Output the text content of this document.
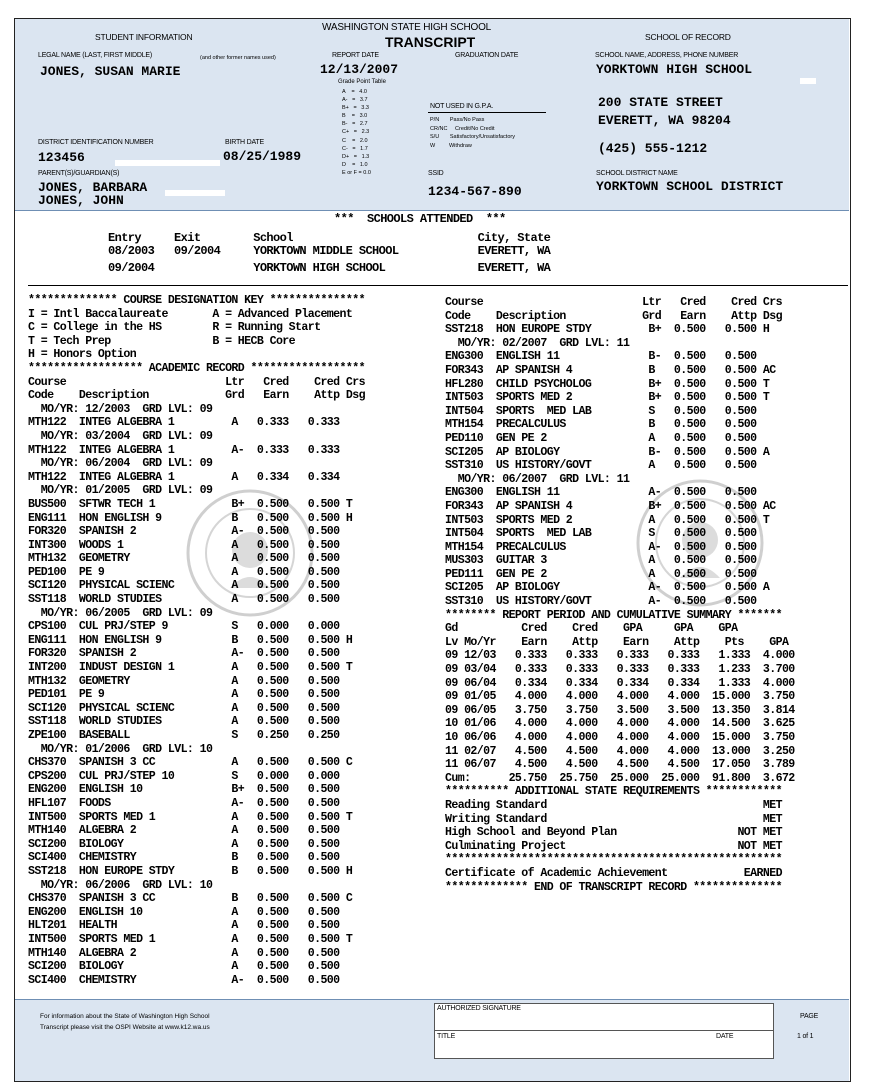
STUDENT INFORMATION
WASHINGTON STATE HIGH SCHOOL
TRANSCRIPT	SCHOOL OF RECORD
LEGAL NAME (LAST, FIRST MIDDLE)	(and other former names used)
JONES, SUSAN MARIE
REPORT DATE
12/13/2007
GRADUATION DATE	SCHOOL NAME, ADDRESS, PHONE NUMBER
YORKTOWN HIGH SCHOOL
200 STATE STREET
EVERETT, WA 98204
(425) 555-1212
Grade Point Table
A    =   4.0
A-   =   3.7
B+   =   3.3
B    =   3.0
B-   =   2.7
C+   =   2.3
C    =   2.0
C-   =   1.7
D+   =   1.3
D    =   1.0
E or F = 0.0
NOT USED IN G.P.A.
P/N       Pass/No Pass
CR/NC     Credit/No Credit
S/U       Satisfactory/Unsatisfactory
W         Withdraw
DISTRICT IDENTIFICATION NUMBER
123456
BIRTH DATE
08/25/1989
PARENT(S)/GUARDIAN(S)
JONES, BARBARA
JONES, JOHN
SSID
1234-567-890
SCHOOL DISTRICT NAME
YORKTOWN SCHOOL DISTRICT
***  SCHOOLS ATTENDED  ***
Entry     Exit        School                            City, State
08/2003   09/2004     YORKTOWN MIDDLE SCHOOL            EVERETT, WA
09/2004               YORKTOWN HIGH SCHOOL              EVERETT, WA
************** COURSE DESIGNATION KEY ***************
I = Intl Baccalaureate       A = Advanced Placement
C = College in the HS        R = Running Start
T = Tech Prep                B = HECB Core
H = Honors Option
****************** ACADEMIC RECORD ******************
Course                         Ltr   Cred    Cred Crs
Code    Description            Grd   Earn    Attp Dsg
MO/YR: 12/2003  GRD LVL: 09
MTH122  INTEG ALGEBRA 1         A   0.333   0.333
MO/YR: 03/2004  GRD LVL: 09
MTH122  INTEG ALGEBRA 1         A-  0.333   0.333
MO/YR: 06/2004  GRD LVL: 09
MTH122  INTEG ALGEBRA 1         A   0.334   0.334
MO/YR: 01/2005  GRD LVL: 09
BUS500  SFTWR TECH 1            B+  0.500   0.500 T
ENG111  HON ENGLISH 9           B   0.500   0.500 H
FOR320  SPANISH 2               A-  0.500   0.500
INT300  WOODS 1                 A   0.500   0.500
MTH132  GEOMETRY                A   0.500   0.500
PED100  PE 9                    A   0.500   0.500
SCI120  PHYSICAL SCIENC         A   0.500   0.500
SST118  WORLD STUDIES           A   0.500   0.500
MO/YR: 06/2005  GRD LVL: 09
CPS100  CUL PRJ/STEP 9          S   0.000   0.000
ENG111  HON ENGLISH 9           B   0.500   0.500 H
FOR320  SPANISH 2               A-  0.500   0.500
INT200  INDUST DESIGN 1         A   0.500   0.500 T
MTH132  GEOMETRY                A   0.500   0.500
PED101  PE 9                    A   0.500   0.500
SCI120  PHYSICAL SCIENC         A   0.500   0.500
SST118  WORLD STUDIES           A   0.500   0.500
ZPE100  BASEBALL                S   0.250   0.250
MO/YR: 01/2006  GRD LVL: 10
CHS370  SPANISH 3 CC            A   0.500   0.500 C
CPS200  CUL PRJ/STEP 10         S   0.000   0.000
ENG200  ENGLISH 10              B+  0.500   0.500
HFL107  FOODS                   A-  0.500   0.500
INT500  SPORTS MED 1            A   0.500   0.500 T
MTH140  ALGEBRA 2               A   0.500   0.500
SCI200  BIOLOGY                 A   0.500   0.500
SCI400  CHEMISTRY               B   0.500   0.500
SST218  HON EUROPE STDY         B   0.500   0.500 H
MO/YR: 06/2006  GRD LVL: 10
CHS370  SPANISH 3 CC            B   0.500   0.500 C
ENG200  ENGLISH 10              A   0.500   0.500
HLT201  HEALTH                  A   0.500   0.500
INT500  SPORTS MED 1            A   0.500   0.500 T
MTH140  ALGEBRA 2               A   0.500   0.500
SCI200  BIOLOGY                 A   0.500   0.500
SCI400  CHEMISTRY               A-  0.500   0.500
Course                         Ltr   Cred    Cred Crs
Code    Description            Grd   Earn    Attp Dsg
SST218  HON EUROPE STDY         B+  0.500   0.500 H
MO/YR: 02/2007  GRD LVL: 11
ENG300  ENGLISH 11              B-  0.500   0.500
FOR343  AP SPANISH 4            B   0.500   0.500 AC
HFL280  CHILD PSYCHOLOG         B+  0.500   0.500 T
INT503  SPORTS MED 2            B+  0.500   0.500 T
INT504  SPORTS  MED LAB         S   0.500   0.500
MTH154  PRECALCULUS             B   0.500   0.500
PED110  GEN PE 2                A   0.500   0.500
SCI205  AP BIOLOGY              B-  0.500   0.500 A
SST310  US HISTORY/GOVT         A   0.500   0.500
MO/YR: 06/2007  GRD LVL: 11
ENG300  ENGLISH 11              A-  0.500   0.500
FOR343  AP SPANISH 4            B+  0.500   0.500 AC
INT503  SPORTS MED 2            A   0.500   0.500 T
INT504  SPORTS  MED LAB         S   0.500   0.500
MTH154  PRECALCULUS             A-  0.500   0.500
MUS303  GUITAR 3                A   0.500   0.500
PED111  GEN PE 2                A   0.500   0.500
SCI205  AP BIOLOGY              A-  0.500   0.500 A
SST310  US HISTORY/GOVT         A-  0.500   0.500
******** REPORT PERIOD AND CUMULATIVE SUMMARY *******
Gd          Cred    Cred    GPA     GPA    GPA
Lv Mo/Yr    Earn    Attp    Earn    Attp    Pts    GPA
09 12/03   0.333   0.333   0.333   0.333   1.333  4.000
09 03/04   0.333   0.333   0.333   0.333   1.233  3.700
09 06/04   0.334   0.334   0.334   0.334   1.333  4.000
09 01/05   4.000   4.000   4.000   4.000  15.000  3.750
09 06/05   3.750   3.750   3.500   3.500  13.350  3.814
10 01/06   4.000   4.000   4.000   4.000  14.500  3.625
10 06/06   4.000   4.000   4.000   4.000  15.000  3.750
11 02/07   4.500   4.500   4.000   4.000  13.000  3.250
11 06/07   4.500   4.500   4.500   4.500  17.050  3.789
Cum:      25.750  25.750  25.000  25.000  91.800  3.672
********** ADDITIONAL STATE REQUIREMENTS ************
Reading Standard                                  MET
Writing Standard                                  MET
High School and Beyond Plan                   NOT MET
Culminating Project                           NOT MET
*****************************************************
Certificate of Academic Achievement            EARNED
************* END OF TRANSCRIPT RECORD **************
For information about the State of Washington High School
Transcript please visit the OSPI Website at www.k12.wa.us
AUTHORIZED SIGNATURE
TITLE	DATE
PAGE
1 of 1
